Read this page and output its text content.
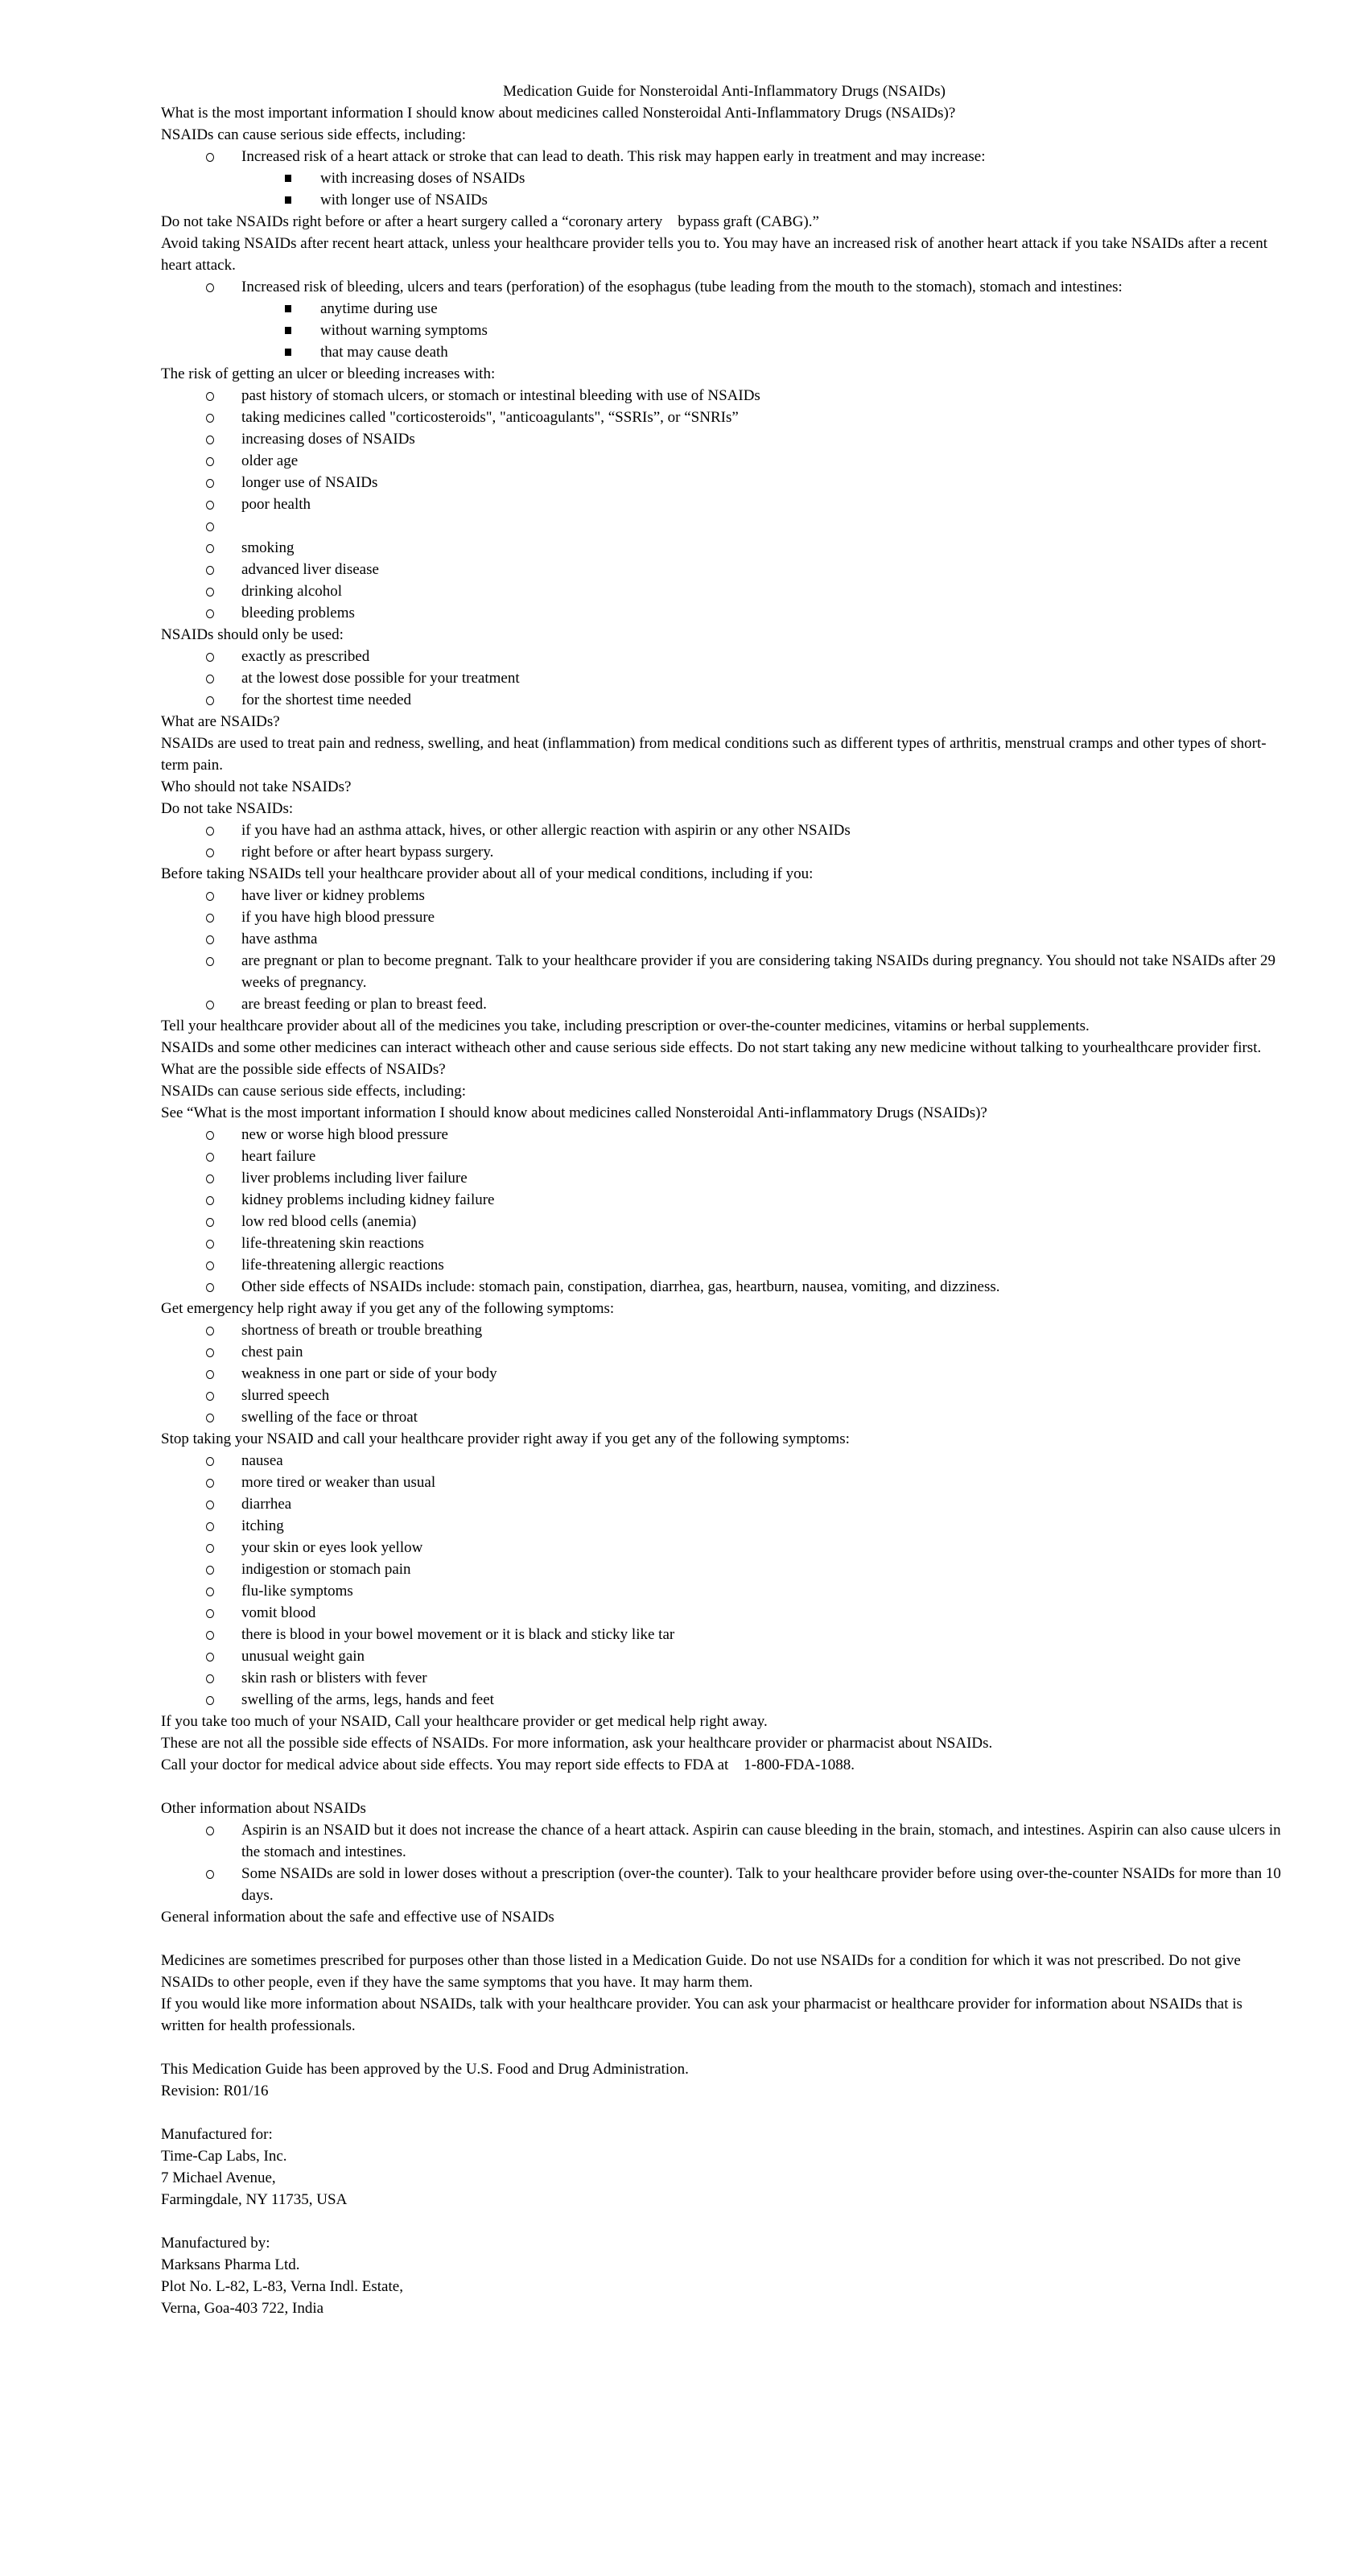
Medication Guide for Nonsteroidal Anti-Inflammatory Drugs (NSAIDs)
What is the most important information I should know about medicines called Nonsteroidal Anti-Inflammatory Drugs (NSAIDs)?
NSAIDs can cause serious side effects, including:
Increased risk of a heart attack or stroke that can lead to death. This risk may happen early in treatment and may increase:
with increasing doses of NSAIDs
with longer use of NSAIDs
Do not take NSAIDs right before or after a heart surgery called a “coronary artery    bypass graft (CABG).”
Avoid taking NSAIDs after recent heart attack, unless your healthcare provider tells you to. You may have an increased risk of another heart attack if you take NSAIDs after a recent heart attack.
Increased risk of bleeding, ulcers and tears (perforation) of the esophagus (tube leading from the mouth to the stomach), stomach and intestines:
anytime during use
without warning symptoms
that may cause death
The risk of getting an ulcer or bleeding increases with:
past history of stomach ulcers, or stomach or intestinal bleeding with use of NSAIDs
taking medicines called "corticosteroids", "anticoagulants", “SSRIs”, or “SNRIs”
increasing doses of NSAIDs
older age
longer use of NSAIDs
poor health
smoking
advanced liver disease
drinking alcohol
bleeding problems
NSAIDs should only be used:
exactly as prescribed
at the lowest dose possible for your treatment
for the shortest time needed
What are NSAIDs?
NSAIDs are used to treat pain and redness, swelling, and heat (inflammation) from medical conditions such as different types of arthritis, menstrual cramps and other types of short-term pain.
Who should not take NSAIDs?
Do not take NSAIDs:
if you have had an asthma attack, hives, or other allergic reaction with aspirin or any other NSAIDs
right before or after heart bypass surgery.
Before taking NSAIDs tell your healthcare provider about all of your medical conditions, including if you:
have liver or kidney problems
if you have high blood pressure
have asthma
are pregnant or plan to become pregnant. Talk to your healthcare provider if you are considering taking NSAIDs during pregnancy. You should not take NSAIDs after 29 weeks of pregnancy.
are breast feeding or plan to breast feed.
Tell your healthcare provider about all of the medicines you take, including prescription or over-the-counter medicines, vitamins or herbal supplements.
NSAIDs and some other medicines can interact witheach other and cause serious side effects. Do not start taking any new medicine without talking to yourhealthcare provider first.
What are the possible side effects of NSAIDs?
NSAIDs can cause serious side effects, including:
See “What is the most important information I should know about medicines called Nonsteroidal Anti-inflammatory Drugs (NSAIDs)?
new or worse high blood pressure
heart failure
liver problems including liver failure
kidney problems including kidney failure
low red blood cells (anemia)
life-threatening skin reactions
life-threatening allergic reactions
Other side effects of NSAIDs include: stomach pain, constipation, diarrhea, gas, heartburn, nausea, vomiting, and dizziness.
Get emergency help right away if you get any of the following symptoms:
shortness of breath or trouble breathing
chest pain
weakness in one part or side of your body
slurred speech
swelling of the face or throat
Stop taking your NSAID and call your healthcare provider right away if you get any of the following symptoms:
nausea
more tired or weaker than usual
diarrhea
itching
your skin or eyes look yellow
indigestion or stomach pain
flu-like symptoms
vomit blood
there is blood in your bowel movement or it is black and sticky like tar
unusual weight gain
skin rash or blisters with fever
swelling of the arms, legs, hands and feet
If you take too much of your NSAID, Call your healthcare provider or get medical help right away.
These are not all the possible side effects of NSAIDs. For more information, ask your healthcare provider or pharmacist about NSAIDs.
Call your doctor for medical advice about side effects. You may report side effects to FDA at    1-800-FDA-1088.
Other information about NSAIDs
Aspirin is an NSAID but it does not increase the chance of a heart attack. Aspirin can cause bleeding in the brain, stomach, and intestines. Aspirin can also cause ulcers in the stomach and intestines.
Some NSAIDs are sold in lower doses without a prescription (over-the counter). Talk to your healthcare provider before using over-the-counter NSAIDs for more than 10 days.
General information about the safe and effective use of NSAIDs
Medicines are sometimes prescribed for purposes other than those listed in a Medication Guide. Do not use NSAIDs for a condition for which it was not prescribed. Do not give NSAIDs to other people, even if they have the same symptoms that you have. It may harm them.
If you would like more information about NSAIDs, talk with your healthcare provider. You can ask your pharmacist or healthcare provider for information about NSAIDs that is written for health professionals.
This Medication Guide has been approved by the U.S. Food and Drug Administration.
Revision: R01/16
Manufactured for:
Time-Cap Labs, Inc.
7 Michael Avenue,
Farmingdale, NY 11735, USA
Manufactured by:
Marksans Pharma Ltd.
Plot No. L-82, L-83, Verna Indl. Estate,
Verna, Goa-403 722, India
